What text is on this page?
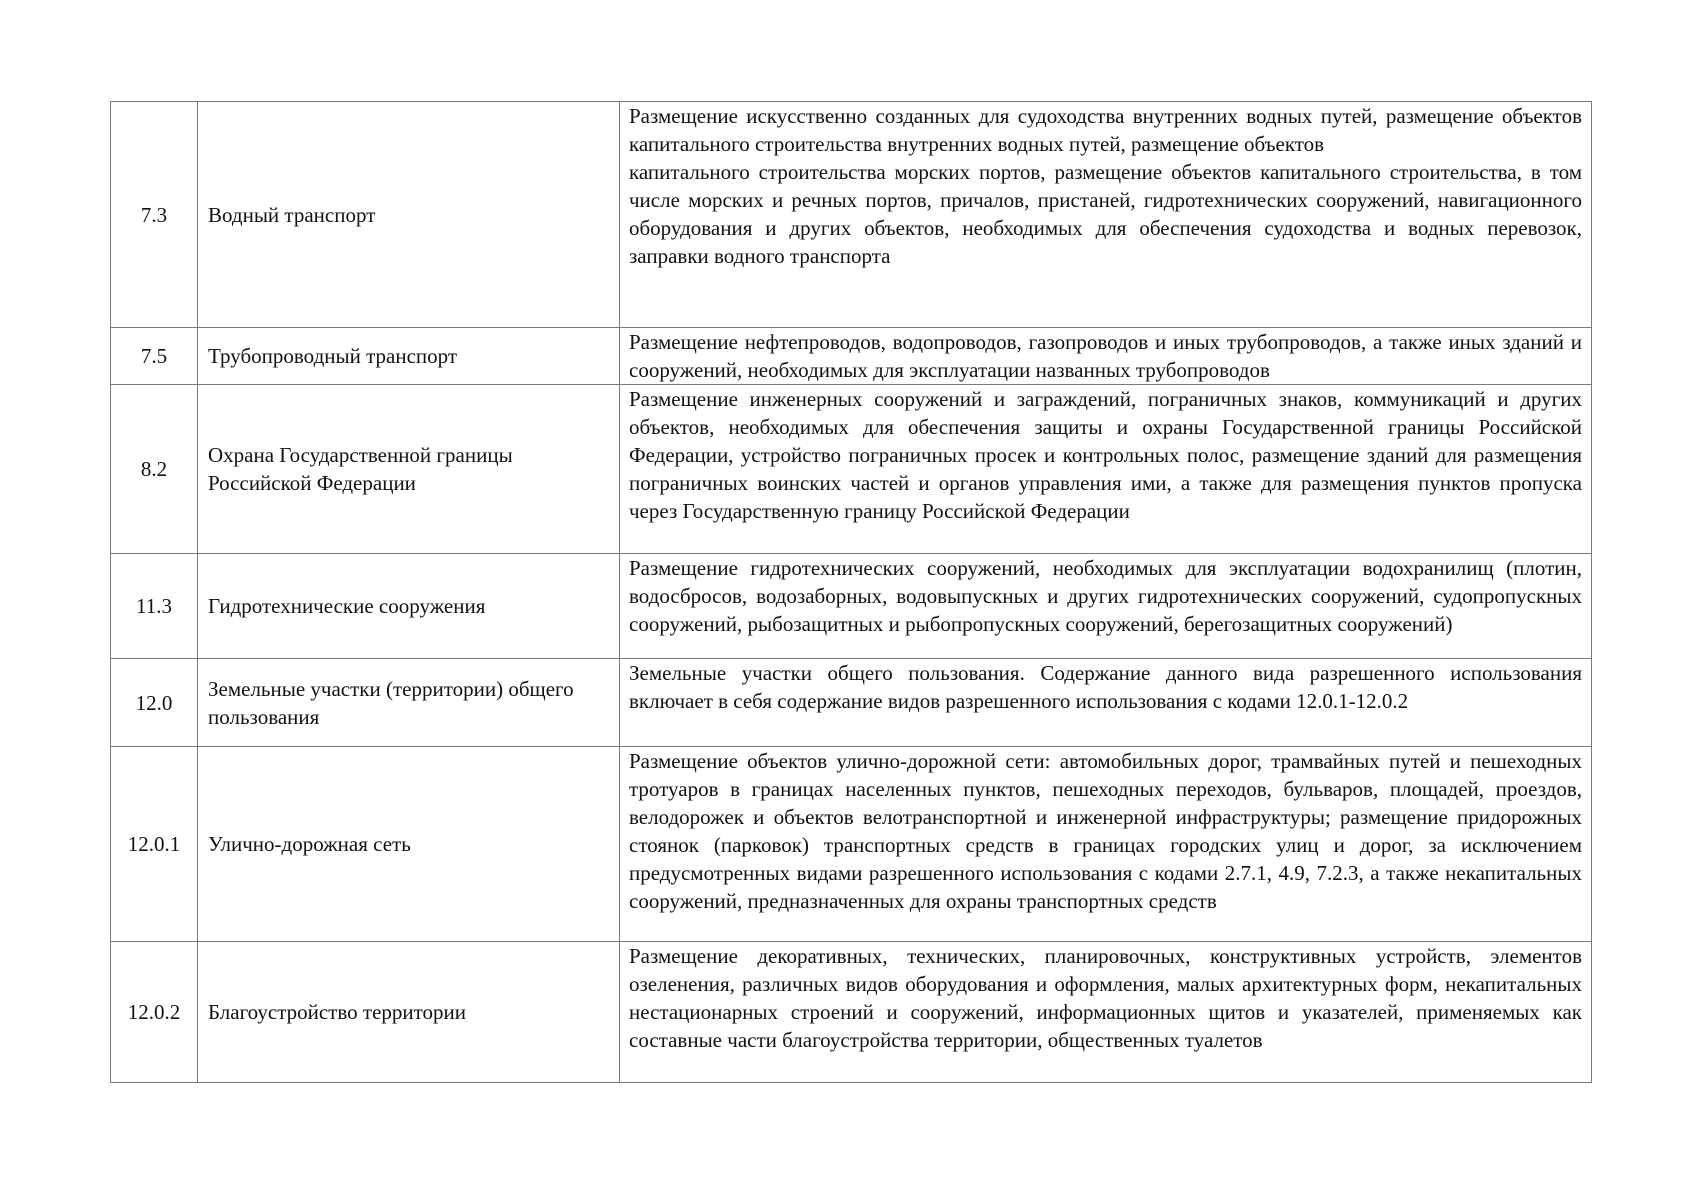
7.3	Водный транспорт	Размещение искусственно созданных для судоходства внутренних водных путей, размещение объектов капитального строительства внутренних водных путей, размещение объектов
капитального строительства морских портов, размещение объектов капитального строительства, в том числе морских и речных портов, причалов, пристаней, гидротехнических сооружений, навигационного оборудования и других объектов, необходимых для обеспечения судоходства и водных перевозок, заправки водного транспорта

7.5	Трубопроводный транспорт	Размещение нефтепроводов, водопроводов, газопроводов и иных трубопроводов, а также иных зданий и сооружений, необходимых для эксплуатации названных трубопроводов

8.2	Охрана Государственной границы Российской Федерации	Размещение инженерных сооружений и заграждений, пограничных знаков, коммуникаций и других объектов, необходимых для обеспечения защиты и охраны Государственной границы Российской Федерации, устройство пограничных просек и контрольных полос, размещение зданий для размещения пограничных воинских частей и органов управления ими, а также для размещения пунктов пропуска через Государственную границу Российской Федерации

11.3	Гидротехнические сооружения	Размещение гидротехнических сооружений, необходимых для эксплуатации водохранилищ (плотин, водосбросов, водозаборных, водовыпускных и других гидротехнических сооружений, судопропускных сооружений, рыбозащитных и рыбопропускных сооружений, берегозащитных сооружений)

12.0	Земельные участки (территории) общего пользования	Земельные участки общего пользования. Содержание данного вида разрешенного использования включает в себя содержание видов разрешенного использования с кодами 12.0.1-12.0.2

12.0.1	Улично-дорожная сеть	Размещение объектов улично-дорожной сети: автомобильных дорог, трамвайных путей и пешеходных тротуаров в границах населенных пунктов, пешеходных переходов, бульваров, площадей, проездов, велодорожек и объектов велотранспортной и инженерной инфраструктуры; размещение придорожных стоянок (парковок) транспортных средств в границах городских улиц и дорог, за исключением предусмотренных видами разрешенного использования с кодами 2.7.1, 4.9, 7.2.3, а также некапитальных сооружений, предназначенных для охраны транспортных средств

12.0.2	Благоустройство территории	Размещение декоративных, технических, планировочных, конструктивных устройств, элементов озеленения, различных видов оборудования и оформления, малых архитектурных форм, некапитальных нестационарных строений и сооружений, информационных щитов и указателей, применяемых как составные части благоустройства территории, общественных туалетов
